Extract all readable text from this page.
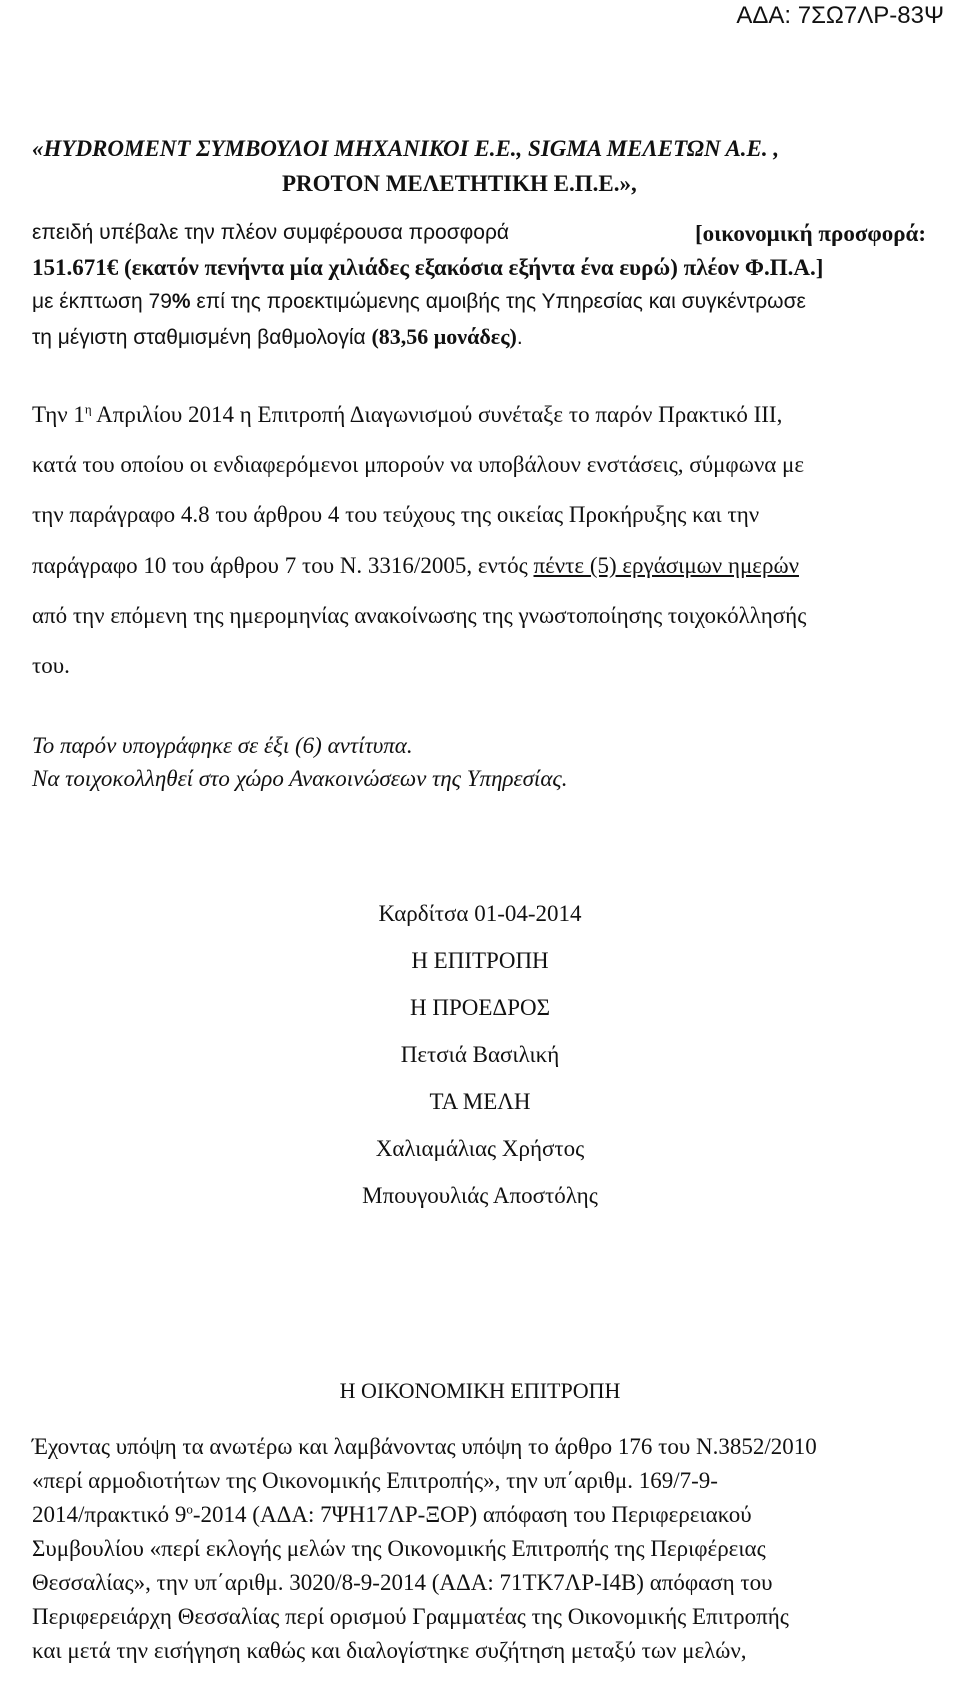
ΑΔΑ: 7ΣΩ7ΛΡ-83Ψ
«HYDROMENT ΣΥΜΒΟΥΛΟΙ ΜΗΧΑΝΙΚΟΙ Ε.Ε., SIGMA ΜΕΛΕΤΩΝ Α.Ε. ,
PROTON ΜΕΛΕΤΗΤΙΚΗ Ε.Π.Ε.»,
επειδή υπέβαλε την πλέον συμφέρουσα προσφορά	[οικονομική προσφορά:
151.671€ (εκατόν πενήντα μία χιλιάδες εξακόσια εξήντα ένα ευρώ) πλέον Φ.Π.Α.]
με έκπτωση 79% επί της προεκτιμώμενης αμοιβής της Υπηρεσίας και συγκέντρωσε
τη μέγιστη σταθμισμένη βαθμολογία (83,56 μονάδες).
Την $1^\eta$ Απριλίου 2014 η Επιτροπή Διαγωνισμού συνέταξε το παρόν Πρακτικό ΙΙΙ,
κατά του οποίου οι ενδιαφερόμενοι μπορούν να υποβάλουν ενστάσεις, σύμφωνα με
την παράγραφο 4.8 του άρθρου 4 του τεύχους της οικείας Προκήρυξης και την
παράγραφο 10 του άρθρου 7 του Ν. 3316/2005, εντός πέντε (5) εργάσιμων ημερών
από την επόμενη της ημερομηνίας ανακοίνωσης της γνωστοποίησης τοιχοκόλλησής
του.
Το παρόν υπογράφηκε σε έξι (6) αντίτυπα.
Να τοιχοκολληθεί στο χώρο Ανακοινώσεων της Υπηρεσίας.
Καρδίτσα 01-04-2014
Η ΕΠΙΤΡΟΠΗ
Η ΠΡΟΕΔΡΟΣ
Πετσιά Βασιλική
ΤΑ ΜΕΛΗ
Χαλιαμάλιας Χρήστος
Μπουγουλιάς Αποστόλης
Η ΟΙΚΟΝΟΜΙΚΗ ΕΠΙΤΡΟΠΗ
Έχοντας υπόψη τα ανωτέρω και λαμβάνοντας υπόψη το άρθρο 176 του Ν.3852/2010
«περί αρμοδιοτήτων της Οικονομικής Επιτροπής», την υπ΄αριθμ. 169/7-9-
2014/πρακτικό $9^o-2014$ (ΑΔΑ: 7ΨΗ17ΛΡ-ΞΟΡ) απόφαση του Περιφερειακού
Συμβουλίου «περί εκλογής μελών της Οικονομικής Επιτροπής της Περιφέρειας
Θεσσαλίας», την υπ΄αριθμ. 3020/8-9-2014 (ΑΔΑ: 71ΤΚ7ΛΡ-Ι4Β) απόφαση του
Περιφερειάρχη Θεσσαλίας περί ορισμού Γραμματέας της Οικονομικής Επιτροπής
και μετά την εισήγηση καθώς και διαλογίστηκε συζήτηση μεταξύ των μελών,
